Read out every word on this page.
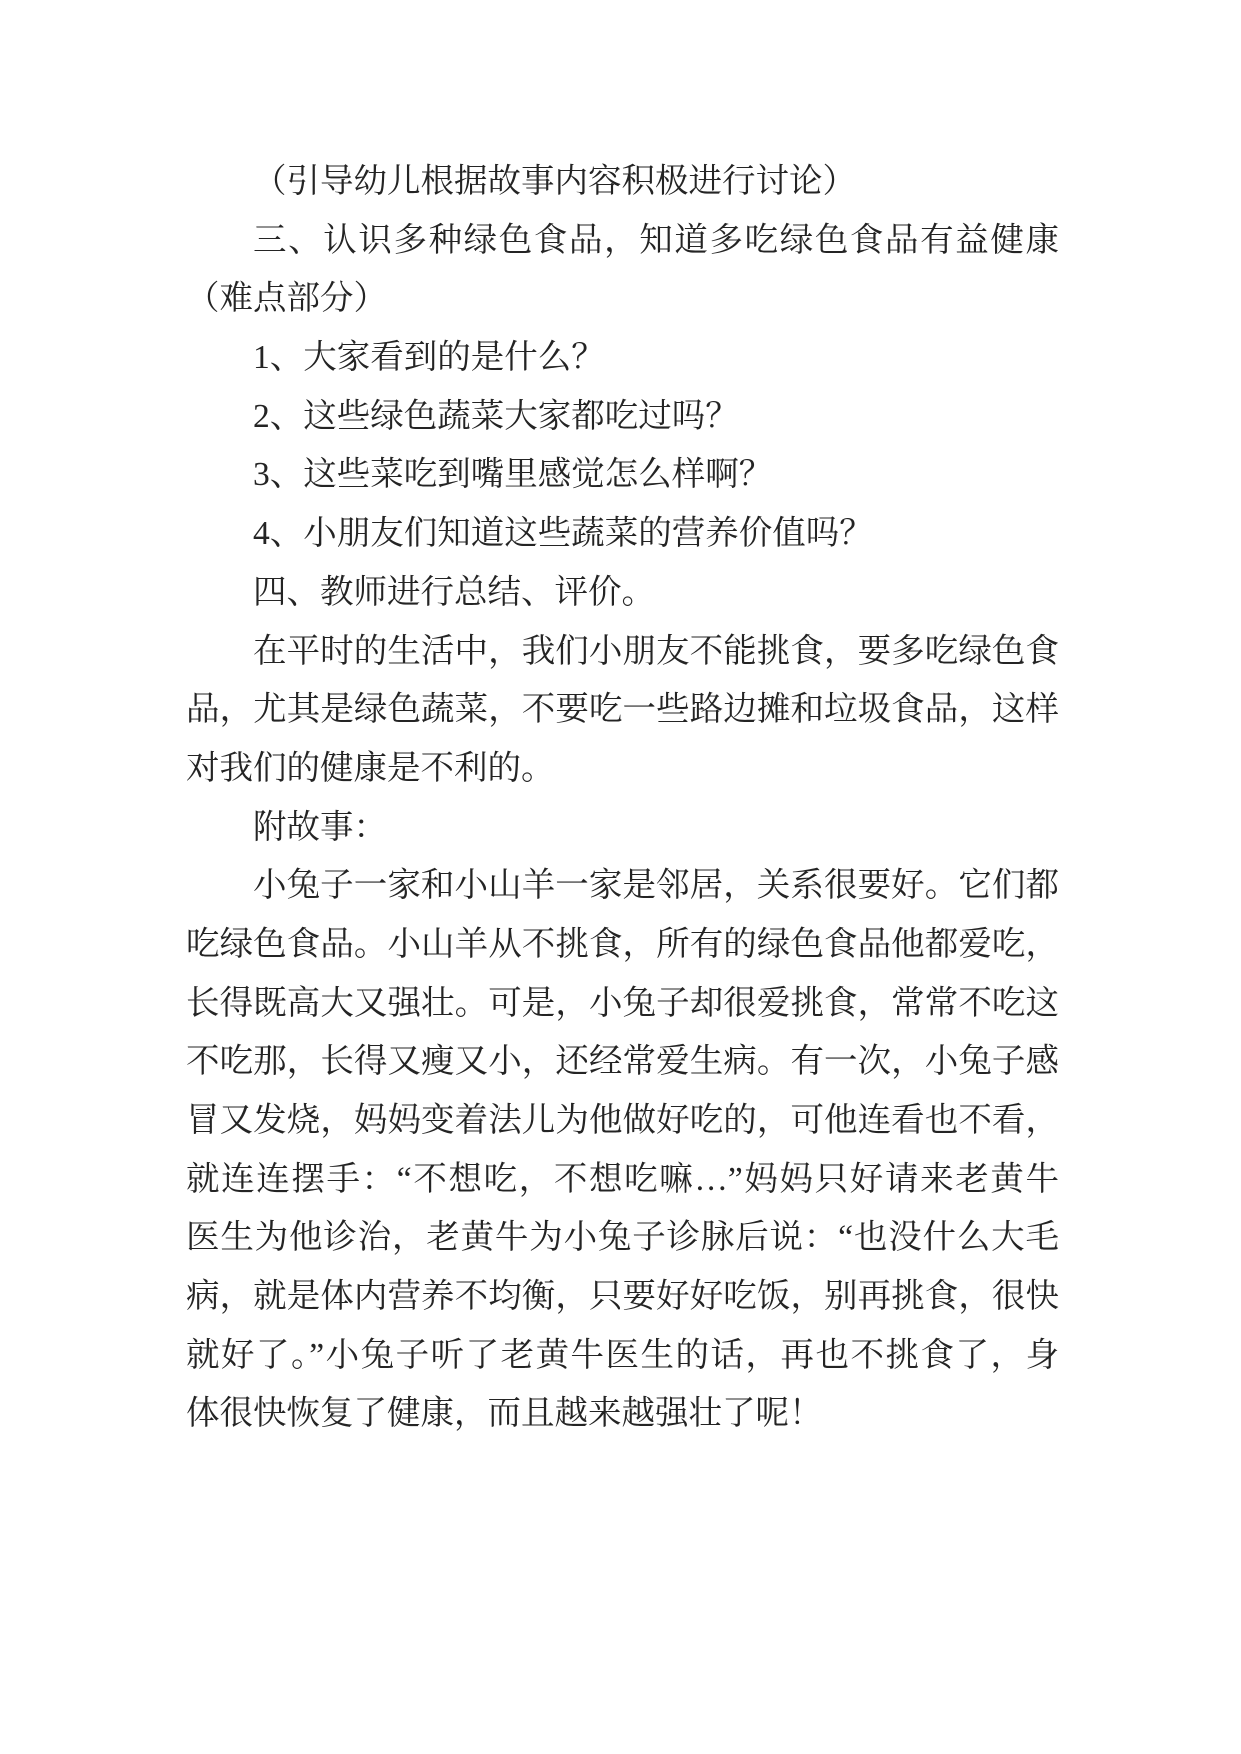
（引导幼儿根据故事内容积极进行讨论）
三、认识多种绿色食品，知道多吃绿色食品有益健康
（难点部分）
1、大家看到的是什么？
2、这些绿色蔬菜大家都吃过吗？
3、这些菜吃到嘴里感觉怎么样啊？
4、小朋友们知道这些蔬菜的营养价值吗？
四、教师进行总结、评价。
在平时的生活中，我们小朋友不能挑食，要多吃绿色食
品，尤其是绿色蔬菜，不要吃一些路边摊和垃圾食品，这样
对我们的健康是不利的。
附故事：
小兔子一家和小山羊一家是邻居，关系很要好。它们都
吃绿色食品。小山羊从不挑食，所有的绿色食品他都爱吃，
长得既高大又强壮。可是，小兔子却很爱挑食，常常不吃这
不吃那，长得又瘦又小，还经常爱生病。有一次，小兔子感
冒又发烧，妈妈变着法儿为他做好吃的，可他连看也不看，
就连连摆手：“不想吃，不想吃嘛…”妈妈只好请来老黄牛
医生为他诊治，老黄牛为小兔子诊脉后说：“也没什么大毛
病，就是体内营养不均衡，只要好好吃饭，别再挑食，很快
就好了。”小兔子听了老黄牛医生的话，再也不挑食了，身
体很快恢复了健康，而且越来越强壮了呢！
